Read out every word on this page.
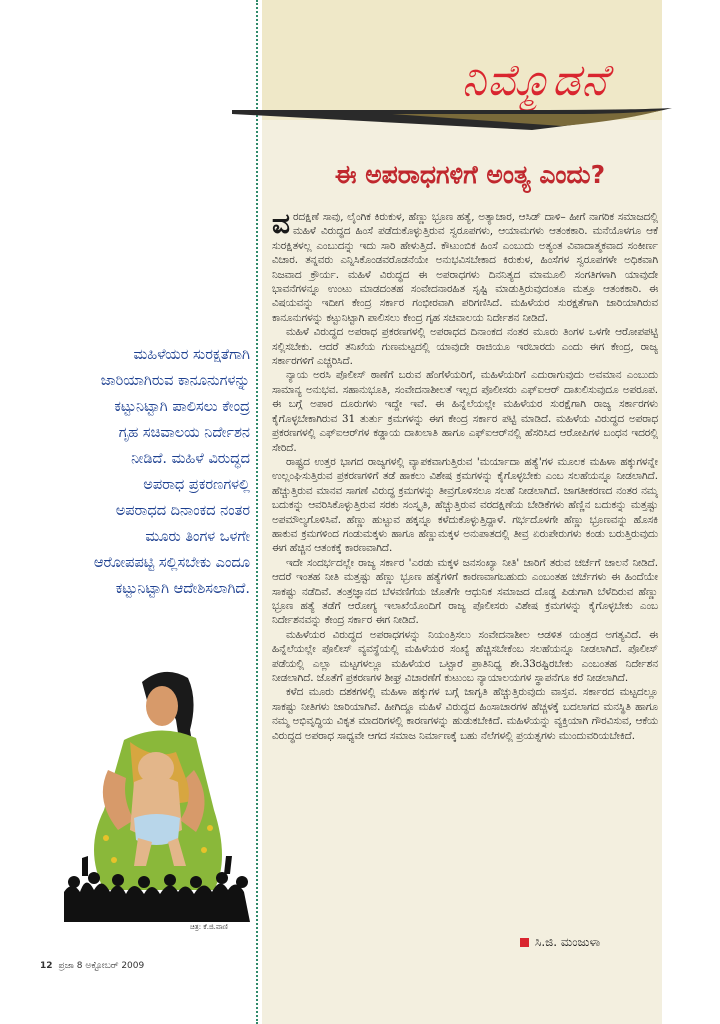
ನಿಮ್ಮೊಡನೆ
ಈ ಅಪರಾಧಗಳಿಗೆ ಅಂತ್ಯ ಎಂದು?

ವರದಕ್ಷಿಣೆ ಸಾವು, ಲೈಂಗಿಕ ಕಿರುಕುಳ, ಹೆಣ್ಣು ಭ್ರೂಣ ಹತ್ಯೆ, ಅತ್ಯಾಚಾರ, ಆಸಿಡ್ ದಾಳಿ– ಹೀಗೆ ನಾಗರಿಕ ಸಮಾಜದಲ್ಲಿ ಮಹಿಳೆ ವಿರುದ್ಧದ ಹಿಂಸೆ ಪಡೆದುಕೊಳ್ಳುತ್ತಿರುವ ಸ್ವರೂಪಗಳು, ಆಯಾಮಗಳು ಆತಂಕಕಾರಿ. ಮನೆಯೊಳಗೂ ಆಕೆ ಸುರಕ್ಷಿತಳಲ್ಲ ಎಂಬುದನ್ನು ಇದು ಸಾರಿ ಹೇಳುತ್ತಿದೆ. ಕೌಟುಂಬಿಕ ಹಿಂಸೆ ಎಂಬುದು ಅತ್ಯಂತ ವಿವಾದಾತ್ಮಕವಾದ ಸಂಕೀರ್ಣ ವಿಚಾರ. ತನ್ನವರು ಎನ್ನಿಸಿಕೊಂಡವರೊಡನೆಯೇ ಅನುಭವಿಸಬೇಕಾದ ಕಿರುಕುಳ, ಹಿಂಸೆಗಳ ಸ್ವರೂಪಗಳೇ ಅಧಿಕವಾಗಿ ನಿಜವಾದ ಕ್ರೌರ್ಯ. ಮಹಿಳೆ ವಿರುದ್ಧದ ಈ ಅಪರಾಧಗಳು ದಿನನಿತ್ಯದ ಮಾಮೂಲಿ ಸಂಗತಿಗಳಾಗಿ ಯಾವುದೇ ಭಾವನೆಗಳನ್ನೂ ಉಂಟು ಮಾಡದಂತಹ ಸಂವೇದನಾರಹಿತ ಸೃಷ್ಟಿ ಮಾಡುತ್ತಿರುವುದಂತೂ ಮತ್ತೂ ಆತಂಕಕಾರಿ. ಈ ವಿಷಯವನ್ನು ಇದೀಗ ಕೇಂದ್ರ ಸರ್ಕಾರ ಗಂಭೀರವಾಗಿ ಪರಿಗಣಿಸಿದೆ. ಮಹಿಳೆಯರ ಸುರಕ್ಷತೆಗಾಗಿ ಜಾರಿಯಾಗಿರುವ ಕಾನೂನುಗಳನ್ನು ಕಟ್ಟುನಿಟ್ಟಾಗಿ ಪಾಲಿಸಲು ಕೇಂದ್ರ ಗೃಹ ಸಚಿವಾಲಯ ನಿರ್ದೇಶನ ನೀಡಿದೆ.

ಮಹಿಳೆ ವಿರುದ್ಧದ ಅಪರಾಧ ಪ್ರಕರಣಗಳಲ್ಲಿ ಅಪರಾಧದ ದಿನಾಂಕದ ನಂತರ ಮೂರು ತಿಂಗಳ ಒಳಗೇ ಆರೋಪಪಟ್ಟಿ ಸಲ್ಲಿಸಬೇಕು. ಆದರೆ ತನಿಖೆಯ ಗುಣಮಟ್ಟದಲ್ಲಿ ಯಾವುದೇ ರಾಜಿಯೂ ಇರಬಾರದು ಎಂದು ಈಗ ಕೇಂದ್ರ, ರಾಜ್ಯ ಸರ್ಕಾರಗಳಿಗೆ ಎಚ್ಚರಿಸಿದೆ.

ನ್ಯಾಯ ಅರಸಿ ಪೊಲೀಸ್ ಠಾಣೆಗೆ ಬರುವ ಹೆಂಗೆಳೆಯರಿಗೆ, ಮಹಿಳೆಯರಿಗೆ ಎದುರಾಗುವುದು ಅವಮಾನ ಎಂಬುದು ಸಾಮಾನ್ಯ ಅನುಭವ. ಸಹಾನುಭೂತಿ, ಸಂವೇದನಾಶೀಲತೆ ಇಲ್ಲದ ಪೊಲೀಸರು ಎಫ್‌ಐಆರ್ ದಾಖಲಿಸುವುದೂ ಅಪರೂಪ. ಈ ಬಗ್ಗೆ ಅಪಾರ ದೂರುಗಳು ಇದ್ದೇ ಇವೆ. ಈ ಹಿನ್ನೆಲೆಯಲ್ಲೇ ಮಹಿಳೆಯರ ಸುರಕ್ಷೆಗಾಗಿ ರಾಜ್ಯ ಸರ್ಕಾರಗಳು ಕೈಗೊಳ್ಳಬೇಕಾಗಿರುವ 31 ತುರ್ತು ಕ್ರಮಗಳನ್ನು ಈಗ ಕೇಂದ್ರ ಸರ್ಕಾರ ಪಟ್ಟಿ ಮಾಡಿದೆ. ಮಹಿಳೆಯ ವಿರುದ್ಧದ ಅಪರಾಧ ಪ್ರಕರಣಗಳಲ್ಲಿ ಎಫ್‌ಐಆರ್‌ಗಳ ಕಡ್ಡಾಯ ದಾಖಲಾತಿ ಹಾಗೂ ಎಫ್‌ಐಆರ್‌ನಲ್ಲಿ ಹೆಸರಿಸಿದ ಆರೋಪಿಗಳ ಬಂಧನ ಇದರಲ್ಲಿ ಸೇರಿದೆ.

ರಾಷ್ಟ್ರದ ಉತ್ತರ ಭಾಗದ ರಾಜ್ಯಗಳಲ್ಲಿ ವ್ಯಾಪಕವಾಗುತ್ತಿರುವ 'ಮರ್ಯಾದಾ ಹತ್ಯೆ'ಗಳ ಮೂಲಕ ಮಹಿಳಾ ಹಕ್ಕುಗಳನ್ನೇ ಉಲ್ಲಂಘಿಸುತ್ತಿರುವ ಪ್ರಕರಣಗಳಿಗೆ ತಡೆ ಹಾಕಲು ವಿಶೇಷ ಕ್ರಮಗಳನ್ನು ಕೈಗೊಳ್ಳಬೇಕು ಎಂಬ ಸಲಹೆಯನ್ನೂ ನೀಡಲಾಗಿದೆ. ಹೆಚ್ಚುತ್ತಿರುವ ಮಾನವ ಸಾಗಣೆ ವಿರುದ್ಧ ಕ್ರಮಗಳನ್ನು ತೀವ್ರಗೊಳಿಸಲೂ ಸಲಹೆ ನೀಡಲಾಗಿದೆ. ಜಾಗತೀಕರಣದ ನಂತರ ನಮ್ಮ ಬದುಕನ್ನು ಆವರಿಸಿಕೊಳ್ಳುತ್ತಿರುವ ಸರಕು ಸಂಸ್ಕೃತಿ, ಹೆಚ್ಚುತ್ತಿರುವ ವರದಕ್ಷಿಣೆಯ ಬೇಡಿಕೆಗಳು ಹೆಣ್ಣಿನ ಬದುಕನ್ನು ಮತ್ತಷ್ಟು ಅಪಮೌಲ್ಯಗೊಳಿಸಿವೆ. ಹೆಣ್ಣು ಹುಟ್ಟುವ ಹಕ್ಕನ್ನೂ ಕಳೆದುಕೊಳ್ಳುತ್ತಿದ್ದಾಳೆ. ಗರ್ಭದೊಳಗೇ ಹೆಣ್ಣು ಭ್ರೂಣವನ್ನು ಹೊಸಕಿ ಹಾಕುವ ಕ್ರಮಗಳಿಂದ ಗಂಡುಮಕ್ಕಳು ಹಾಗೂ ಹೆಣ್ಣುಮಕ್ಕಳ ಅನುಪಾತದಲ್ಲಿ ತೀವ್ರ ಏರುಪೇರುಗಳು ಕಂಡು ಬರುತ್ತಿರುವುದು ಈಗ ಹೆಚ್ಚಿನ ಆತಂಕಕ್ಕೆ ಕಾರಣವಾಗಿದೆ.

ಇದೇ ಸಂದರ್ಭದಲ್ಲೇ ರಾಜ್ಯ ಸರ್ಕಾರ 'ಎರಡು ಮಕ್ಕಳ ಜನಸಂಖ್ಯಾ ನೀತಿ' ಜಾರಿಗೆ ತರುವ ಚರ್ಚೆಗೆ ಚಾಲನೆ ನೀಡಿದೆ. ಆದರೆ ಇಂತಹ ನೀತಿ ಮತ್ತಷ್ಟು ಹೆಣ್ಣು ಭ್ರೂಣ ಹತ್ಯೆಗಳಿಗೆ ಕಾರಣವಾಗಬಹುದು ಎಂಬಂತಹ ಚರ್ಚೆಗಳು ಈ ಹಿಂದೆಯೇ ಸಾಕಷ್ಟು ನಡೆದಿವೆ. ತಂತ್ರಜ್ಞಾನದ ಬೆಳವಣಿಗೆಯ ಜೊತೆಗೇ ಆಧುನಿಕ ಸಮಾಜದ ದೊಡ್ಡ ಪಿಡುಗಾಗಿ ಬೆಳೆದಿರುವ ಹೆಣ್ಣು ಭ್ರೂಣ ಹತ್ಯೆ ತಡೆಗೆ ಆರೋಗ್ಯ ಇಲಾಖೆಯೊಂದಿಗೆ ರಾಜ್ಯ ಪೊಲೀಸರು ವಿಶೇಷ ಕ್ರಮಗಳನ್ನು ಕೈಗೊಳ್ಳಬೇಕು ಎಂಬ ನಿರ್ದೇಶನವನ್ನು ಕೇಂದ್ರ ಸರ್ಕಾರ ಈಗ ನೀಡಿದೆ.

ಮಹಿಳೆಯರ ವಿರುದ್ಧದ ಅಪರಾಧಗಳನ್ನು ನಿಯಂತ್ರಿಸಲು ಸಂವೇದನಾಶೀಲ ಆಡಳಿತ ಯಂತ್ರದ ಅಗತ್ಯವಿದೆ. ಈ ಹಿನ್ನೆಲೆಯಲ್ಲೇ ಪೊಲೀಸ್ ವ್ಯವಸ್ಥೆಯಲ್ಲಿ ಮಹಿಳೆಯರ ಸಂಖ್ಯೆ ಹೆಚ್ಚಿಸಬೇಕೆಂಬ ಸಲಹೆಯನ್ನೂ ನೀಡಲಾಗಿದೆ. ಪೊಲೀಸ್ ಪಡೆಯಲ್ಲಿ ಎಲ್ಲಾ ಮಟ್ಟಗಳಲ್ಲೂ ಮಹಿಳೆಯರ ಒಟ್ಟಾರೆ ಪ್ರಾತಿನಿಧ್ಯ ಶೇ.33ರಷ್ಟಿರಬೇಕು ಎಂಬಂತಹ ನಿರ್ದೇಶನ ನೀಡಲಾಗಿದೆ. ಜೊತೆಗೆ ಪ್ರಕರಣಗಳ ಶೀಘ್ರ ವಿಚಾರಣೆಗೆ ಕುಟುಂಬ ನ್ಯಾಯಾಲಯಗಳ ಸ್ಥಾಪನೆಗೂ ಕರೆ ನೀಡಲಾಗಿದೆ.

ಕಳೆದ ಮೂರು ದಶಕಗಳಲ್ಲಿ ಮಹಿಳಾ ಹಕ್ಕುಗಳ ಬಗ್ಗೆ ಜಾಗೃತಿ ಹೆಚ್ಚುತ್ತಿರುವುದು ವಾಸ್ತವ. ಸರ್ಕಾರದ ಮಟ್ಟದಲ್ಲೂ ಸಾಕಷ್ಟು ನೀತಿಗಳು ಜಾರಿಯಾಗಿವೆ. ಹೀಗಿದ್ದೂ ಮಹಿಳೆ ವಿರುದ್ಧದ ಹಿಂಸಾಚಾರಗಳ ಹೆಚ್ಚಳಕ್ಕೆ ಬದಲಾಗದ ಮನಸ್ಥಿತಿ ಹಾಗೂ ನಮ್ಮ ಅಭಿವೃದ್ಧಿಯ ವಿಕೃತ ಮಾದರಿಗಳಲ್ಲಿ ಕಾರಣಗಳನ್ನು ಹುಡುಕಬೇಕಿದೆ. ಮಹಿಳೆಯನ್ನು ವ್ಯಕ್ತಿಯಾಗಿ ಗೌರವಿಸುವ, ಆಕೆಯ ವಿರುದ್ಧದ ಅಪರಾಧ ಸಾಧ್ಯವೇ ಆಗದ ಸಮಾಜ ನಿರ್ಮಾಣಕ್ಕೆ ಬಹು ನೆಲೆಗಳಲ್ಲಿ ಪ್ರಯತ್ನಗಳು ಮುಂದುವರಿಯಬೇಕಿದೆ.

ಸಿ.ಜಿ. ಮಂಜುಳಾ
ಮಹಿಳೆಯರ ಸುರಕ್ಷತೆಗಾಗಿ
ಜಾರಿಯಾಗಿರುವ ಕಾನೂನುಗಳನ್ನು
ಕಟ್ಟುನಿಟ್ಟಾಗಿ ಪಾಲಿಸಲು ಕೇಂದ್ರ
ಗೃಹ ಸಚಿವಾಲಯ ನಿರ್ದೇಶನ
ನೀಡಿದೆ. ಮಹಿಳೆ ವಿರುದ್ಧದ
ಅಪರಾಧ ಪ್ರಕರಣಗಳಲ್ಲಿ
ಅಪರಾಧದ ದಿನಾಂಕದ ನಂತರ
ಮೂರು ತಿಂಗಳ ಒಳಗೇ
ಆರೋಪಪಟ್ಟಿ ಸಲ್ಲಿಸಬೇಕು ಎಂದೂ
ಕಟ್ಟುನಿಟ್ಟಾಗಿ ಆದೇಶಿಸಲಾಗಿದೆ.
ಚಿತ್ರ: ಕೆ.ಜಿ.ವಾಣಿ
12 ಪ್ರಜಾ 8 ಅಕ್ಟೋಬರ್ 2009
